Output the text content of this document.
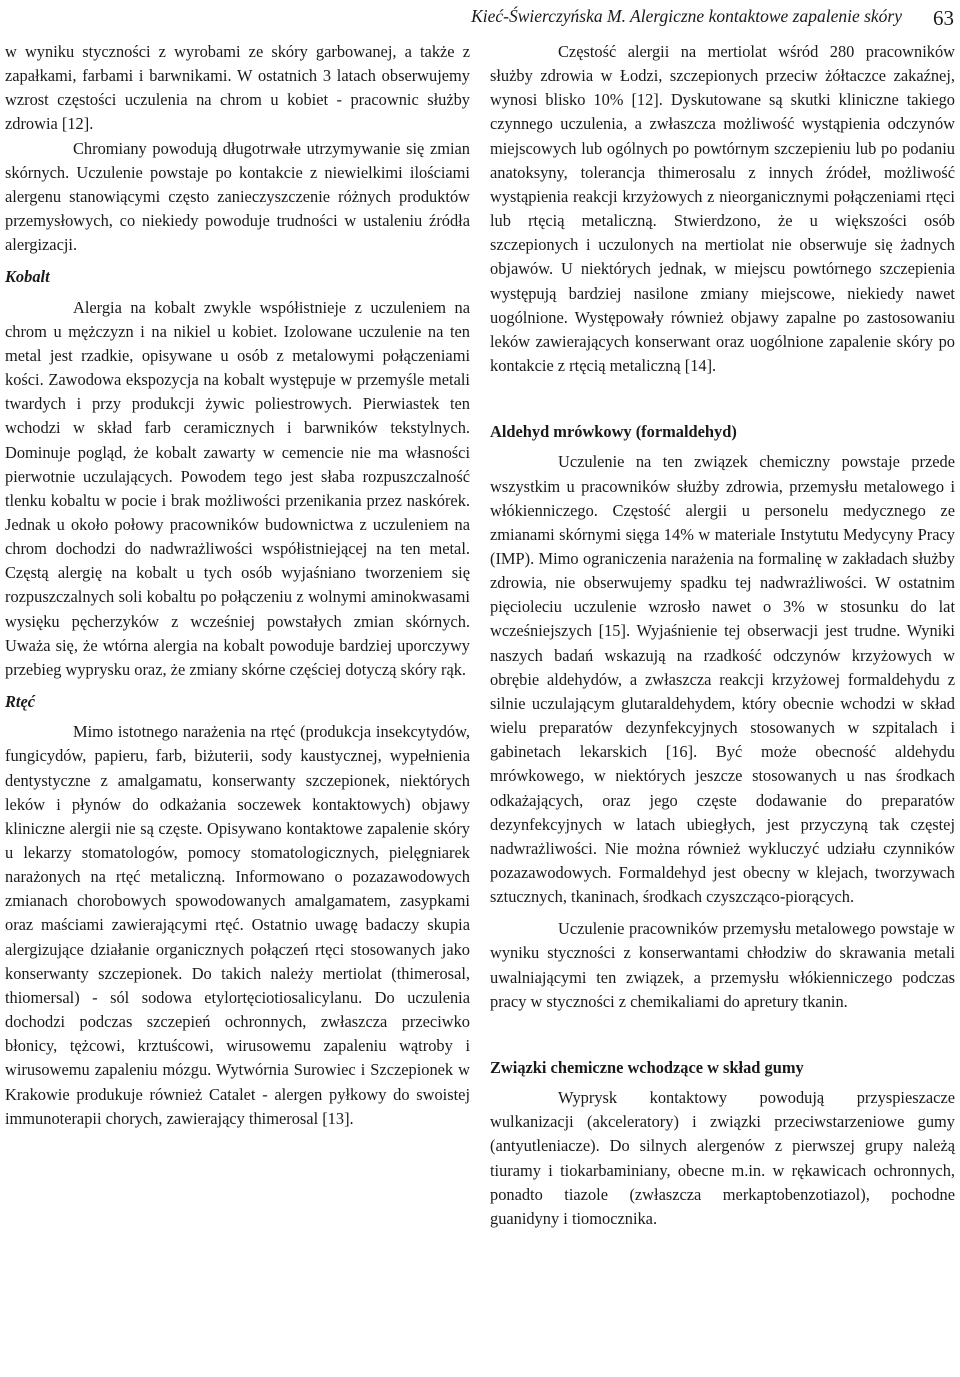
Kieć-Świerczyńska M. Alergiczne kontaktowe zapalenie skóry 63

w wyniku styczności z wyrobami ze skóry garbowanej, a także z zapałkami, farbami i barwnikami. W ostatnich 3 latach obserwujemy wzrost częstości uczulenia na chrom u kobiet - pracownic służby zdrowia [12].

Chromiany powodują długotrwałe utrzymywanie się zmian skórnych. Uczulenie powstaje po kontakcie z niewielkimi ilościami alergenu stanowiącymi często zanieczyszczenie różnych produktów przemysłowych, co niekiedy powoduje trudności w ustaleniu źródła alergizacji.

Kobalt

Alergia na kobalt zwykle współistnieje z uczuleniem na chrom u mężczyzn i na nikiel u kobiet. Izolowane uczulenie na ten metal jest rzadkie, opisywane u osób z metalowymi połączeniami kości. Zawodowa ekspozycja na kobalt występuje w przemyśle metali twardych i przy produkcji żywic poliestrowych. Pierwiastek ten wchodzi w skład farb ceramicznych i barwników tekstylnych. Dominuje pogląd, że kobalt zawarty w cemencie nie ma własności pierwotnie uczulających. Powodem tego jest słaba rozpuszczalność tlenku kobaltu w pocie i brak możliwości przenikania przez naskórek. Jednak u około połowy pracowników budownictwa z uczuleniem na chrom dochodzi do nadwrażliwości współistniejącej na ten metal. Częstą alergię na kobalt u tych osób wyjaśniano tworzeniem się rozpuszczalnych soli kobaltu po połączeniu z wolnymi aminokwasami wysięku pęcherzyków z wcześniej powstałych zmian skórnych. Uważa się, że wtórna alergia na kobalt powoduje bardziej uporczywy przebieg wyprysku oraz, że zmiany skórne częściej dotyczą skóry rąk.

Rtęć

Mimo istotnego narażenia na rtęć (produkcja insekcytydów, fungicydów, papieru, farb, biżuterii, sody kaustycznej, wypełnienia dentystyczne z amalgamatu, konserwanty szczepionek, niektórych leków i płynów do odkażania soczewek kontaktowych) objawy kliniczne alergii nie są częste. Opisywano kontaktowe zapalenie skóry u lekarzy stomatologów, pomocy stomatologicznych, pielęgniarek narażonych na rtęć metaliczną. Informowano o pozazawodowych zmianach chorobowych spowodowanych amalgamatem, zasypkami oraz maściami zawierającymi rtęć. Ostatnio uwagę badaczy skupia alergizujące działanie organicznych połączeń rtęci stosowanych jako konserwanty szczepionek. Do takich należy mertiolat (thimerosal, thiomersal) - sól sodowa etylortęciotiosalicylanu. Do uczulenia dochodzi podczas szczepień ochronnych, zwłaszcza przeciwko błonicy, tężcowi, krztuścowi, wirusowemu zapaleniu wątroby i wirusowemu zapaleniu mózgu. Wytwórnia Surowiec i Szczepionek w Krakowie produkuje również Catalet - alergen pyłkowy do swoistej immunoterapii chorych, zawierający thimerosal [13].

Częstość alergii na mertiolat wśród 280 pracowników służby zdrowia w Łodzi, szczepionych przeciw żółtaczce zakaźnej, wynosi blisko 10% [12]. Dyskutowane są skutki kliniczne takiego czynnego uczulenia, a zwłaszcza możliwość wystąpienia odczynów miejscowych lub ogólnych po powtórnym szczepieniu lub po podaniu anatoksyny, tolerancja thimerosalu z innych źródeł, możliwość wystąpienia reakcji krzyżowych z nieorganicznymi połączeniami rtęci lub rtęcią metaliczną. Stwierdzono, że u większości osób szczepionych i uczulonych na mertiolat nie obserwuje się żadnych objawów. U niektórych jednak, w miejscu powtórnego szczepienia występują bardziej nasilone zmiany miejscowe, niekiedy nawet uogólnione. Występowały również objawy zapalne po zastosowaniu leków zawierających konserwant oraz uogólnione zapalenie skóry po kontakcie z rtęcią metaliczną [14].

Aldehyd mrówkowy (formaldehyd)

Uczulenie na ten związek chemiczny powstaje przede wszystkim u pracowników służby zdrowia, przemysłu metalowego i włókienniczego. Częstość alergii u personelu medycznego ze zmianami skórnymi sięga 14% w materiale Instytutu Medycyny Pracy (IMP). Mimo ograniczenia narażenia na formalinę w zakładach służby zdrowia, nie obserwujemy spadku tej nadwrażliwości. W ostatnim pięcioleciu uczulenie wzrosło nawet o 3% w stosunku do lat wcześniejszych [15]. Wyjaśnienie tej obserwacji jest trudne. Wyniki naszych badań wskazują na rzadkość odczynów krzyżowych w obrębie aldehydów, a zwłaszcza reakcji krzyżowej formaldehydu z silnie uczulającym glutaraldehydem, który obecnie wchodzi w skład wielu preparatów dezynfekcyjnych stosowanych w szpitalach i gabinetach lekarskich [16]. Być może obecność aldehydu mrówkowego, w niektórych jeszcze stosowanych u nas środkach odkażających, oraz jego częste dodawanie do preparatów dezynfekcyjnych w latach ubiegłych, jest przyczyną tak częstej nadwrażliwości. Nie można również wykluczyć udziału czynników pozazawodowych. Formaldehyd jest obecny w klejach, tworzywach sztucznych, tkaninach, środkach czyszcząco-piorących.

Uczulenie pracowników przemysłu metalowego powstaje w wyniku styczności z konserwantami chłodziw do skrawania metali uwalniającymi ten związek, a przemysłu włókienniczego podczas pracy w styczności z chemikaliami do apretury tkanin.

Związki chemiczne wchodzące w skład gumy

Wyprysk kontaktowy powodują przyspieszacze wulkanizacji (akceleratory) i związki przeciwstarzeniowe gumy (antyutleniacze). Do silnych alergenów z pierwszej grupy należą tiuramy i tiokarbaminiany, obecne m.in. w rękawicach ochronnych, ponadto tiazole (zwłaszcza merkaptobenzotiazol), pochodne guanidyny i tiomocznika.
